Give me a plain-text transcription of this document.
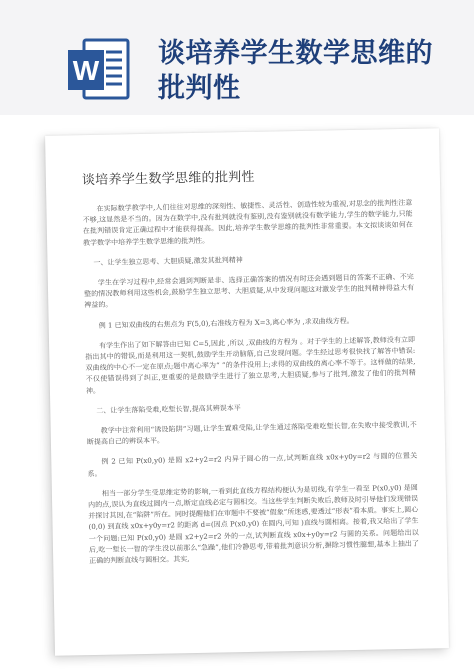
W
谈培养学生数学思维的
批判性
谈培养学生数学思维的批判性

在实际数学教学中,人们往往对思维的深刻性、敏捷性、灵活性、创造性较为重视,对思念的批判性注意不够,这显然是不当的。因为在数学中,没有批判就没有鉴别,没有鉴别就没有数学能力,学生的数学能力,只能在批判错误肯定正确过程中才能获得提高。因此,培养学生数学思维的批判性非常重要。本文拟谈谈如何在教学数学中培养学生数学思维的批判性。

一、让学生独立思考、大胆质疑,激发其批判精神

学生在学习过程中,经常会遇到判断是非、选择正确答案的情况有时还会遇到题目的答案不正确、不完整的情况教师利用这些机会,鼓励学生独立思考、大胆质疑,从中发现问题这对激发学生的批判精神得益大有裨益的。

例 1 已知双曲线的右焦点为 F(5,0),右准线方程为 X=3,离心率为 ,求双曲线方程。

有学生作出了如下解答由已知 C=5,因此 ,所以 ,双曲线的方程为 。对于学生的上述解答,教师没有立即指出其中的错误,而是利用这一契机,鼓励学生开动脑筋,自己发现问题。学生经过思考很快找了解答中错误:双曲线的中心不一定在原点;题中离心率为“ ”的条件没用上;求得的双曲线的离心率不等于。这样做的结果,不仅使错误得到了纠正,更重要的是鼓励学生进行了独立思考,大胆质疑,参与了批判,激发了他们的批判精神。

二、让学生落陷受难,吃堑长智,提高其辨误本平

教学中注常利用“诱设陷阱”习题,让学生置难受陷,让学生通过落陷受难吃堑长智,在失败中接受教训,不断提高自己的辨误本平。

例 2 已知 P(x0,y0) 是圆 x2+y2=r2 内异于圆心的一点,试判断直线 x0x+y0y=r2 与圆的位置关系。

相当一部分学生受思维定势的影响,一看到此直线方程结构便认为是切线,有学生一看至 P(x0,y0) 是圆内的点,误认为直线过圆内一点,断定直线必定与圆相交。当这些学生判断失败后,教师及时引导他们发现错误并探讨其因,在“陷阱”所在。同时提醒他们在审题中不要被“假象”所迷惑,要透过“形表”看本质。事实上,圆心 (0,0) 到直线 x0x+y0y=r2 的距离 d=(因点 P(x0,y0) 在圆内,可知 )直线与圆相离。接着,我又给出了学生一个问题:已知 P(x0,y0) 是圆 x2+y2=r2 外的一点,试判断直线 x0x+y0y=r2 与圆的关系。问题给出以后,吃一堑长一智的学生没以前那么“急躁”,他们冷静思考,带着批判意识分析,摒除习惯性臆想,基本上抽出了正确的判断直线与圆相交。其实,
